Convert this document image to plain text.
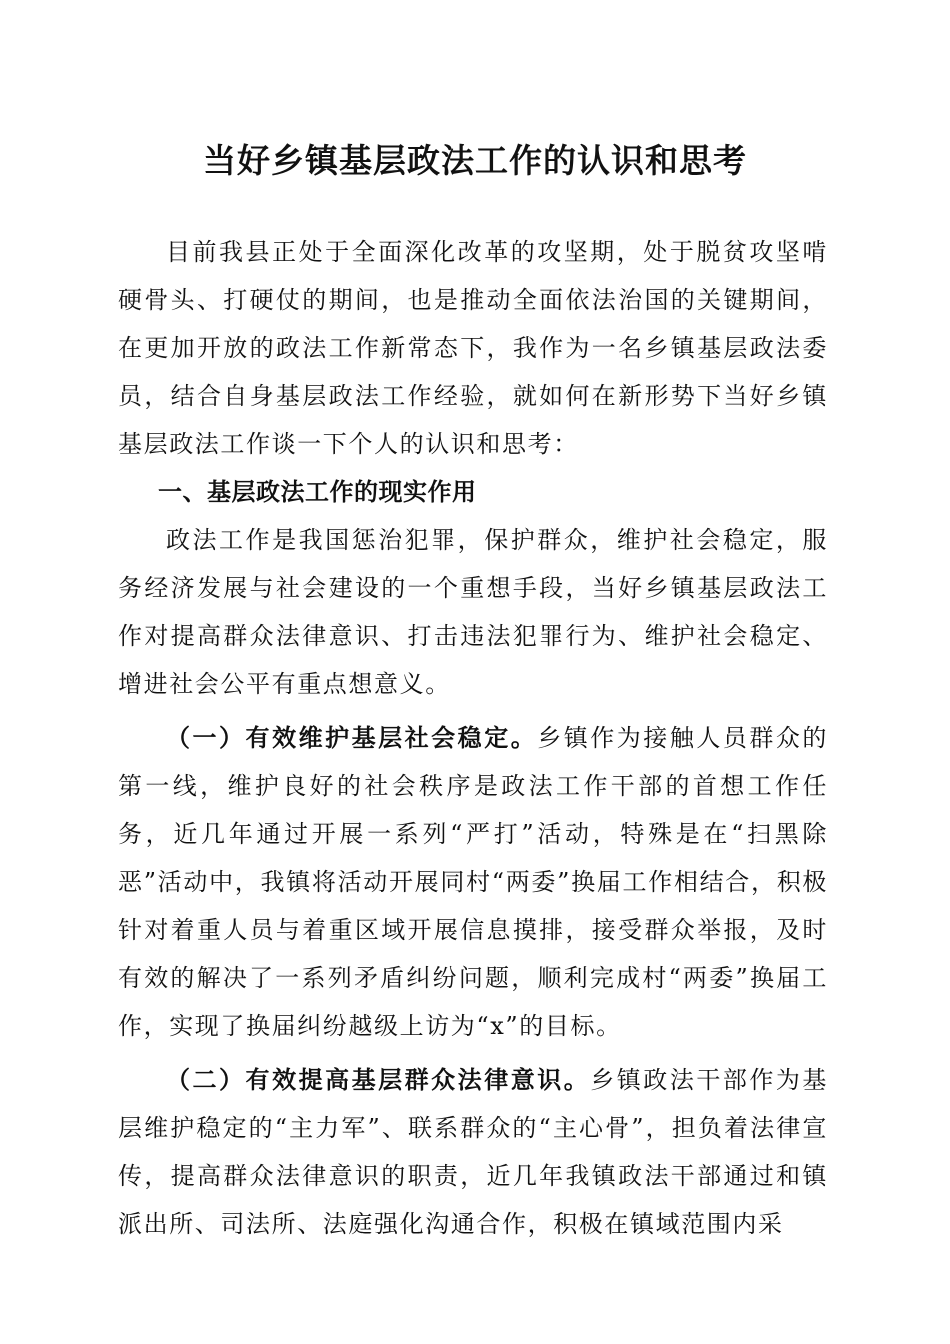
当好乡镇基层政法工作的认识和思考

目前我县正处于全面深化改革的攻坚期，处于脱贫攻坚啃硬骨头、打硬仗的期间，也是推动全面依法治国的关键期间，在更加开放的政法工作新常态下，我作为一名乡镇基层政法委员，结合自身基层政法工作经验，就如何在新形势下当好乡镇基层政法工作谈一下个人的认识和思考：

一、基层政法工作的现实作用

政法工作是我国惩治犯罪，保护群众，维护社会稳定，服务经济发展与社会建设的一个重想手段，当好乡镇基层政法工作对提高群众法律意识、打击违法犯罪行为、维护社会稳定、增进社会公平有重点想意义。

（一）有效维护基层社会稳定。乡镇作为接触人员群众的第一线，维护良好的社会秩序是政法工作干部的首想工作任务，近几年通过开展一系列“严打”活动，特殊是在“扫黑除恶”活动中，我镇将活动开展同村“两委”换届工作相结合，积极针对着重人员与着重区域开展信息摸排，接受群众举报，及时有效的解决了一系列矛盾纠纷问题，顺利完成村“两委”换届工作，实现了换届纠纷越级上访为“x”的目标。

（二）有效提高基层群众法律意识。乡镇政法干部作为基层维护稳定的“主力军”、联系群众的“主心骨”，担负着法律宣传，提高群众法律意识的职责，近几年我镇政法干部通过和镇派出所、司法所、法庭强化沟通合作，积极在镇域范围内采
